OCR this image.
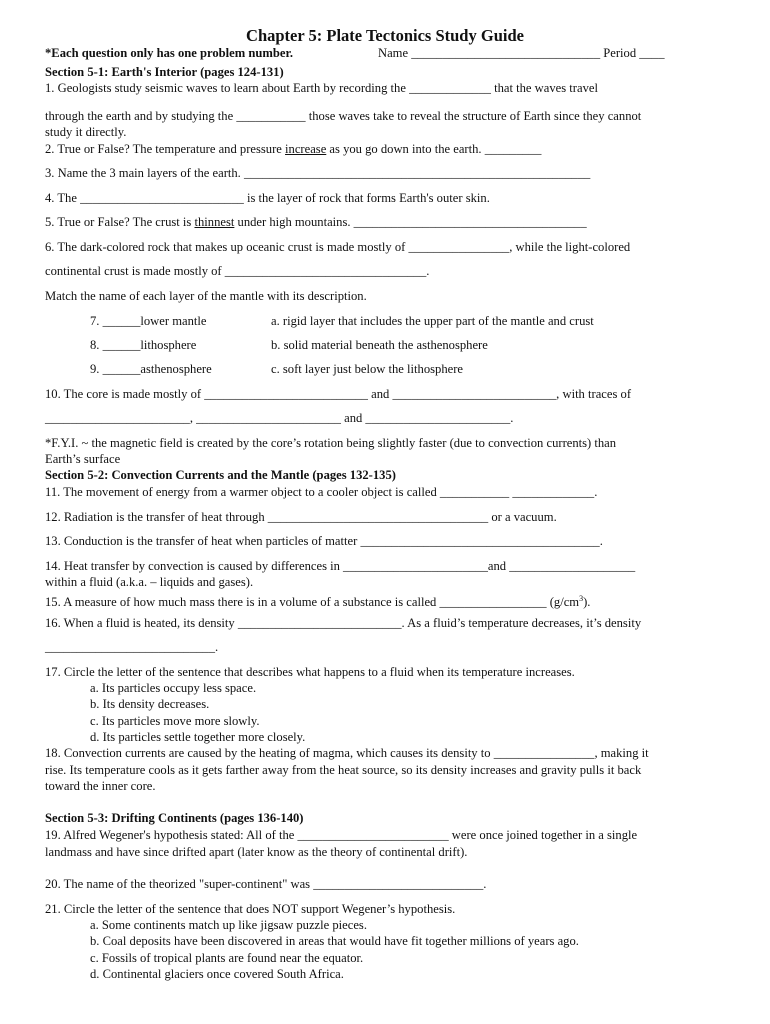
Chapter 5: Plate Tectonics Study Guide
*Each question only has one problem number.	Name ______________________________ Period ____
Section 5-1: Earth's Interior (pages 124-131)
1. Geologists study seismic waves to learn about Earth by recording the _____________ that the waves travel
through the earth and by studying the ___________ those waves take to reveal the structure of Earth since they cannot
study it directly.
2. True or False? The temperature and pressure increase as you go down into the earth. _________
3. Name the 3 main layers of the earth. _______________________________________________________
4. The __________________________ is the layer of rock that forms Earth's outer skin.
5. True or False? The crust is thinnest under high mountains. _____________________________________
6. The dark-colored rock that makes up oceanic crust is made mostly of ________________, while the light-colored
continental crust is made mostly of ________________________________.
Match the name of each layer of the mantle with its description.
7. ______lower mantle	a. rigid layer that includes the upper part of the mantle and crust
8. ______lithosphere	b. solid material beneath the asthenosphere
9. ______asthenosphere	c. soft layer just below the lithosphere
10. The core is made mostly of __________________________ and __________________________, with traces of
_______________________, _______________________ and _______________________.
*F.Y.I. ~ the magnetic field is created by the core’s rotation being slightly faster (due to convection currents) than
Earth’s surface
Section 5-2: Convection Currents and the Mantle (pages 132-135)
11. The movement of energy from a warmer object to a cooler object is called ___________ _____________.
12. Radiation is the transfer of heat through ___________________________________ or a vacuum.
13. Conduction is the transfer of heat when particles of matter ______________________________________.
14. Heat transfer by convection is caused by differences in _______________________and ____________________
within a fluid (a.k.a. – liquids and gases).
15. A measure of how much mass there is in a volume of a substance is called _________________ $(g/cm^3)$.
16. When a fluid is heated, its density __________________________. As a fluid’s temperature decreases, it’s density
___________________________.
17. Circle the letter of the sentence that describes what happens to a fluid when its temperature increases.
a. Its particles occupy less space.
b. Its density decreases.
c. Its particles move more slowly.
d. Its particles settle together more closely.
18. Convection currents are caused by the heating of magma, which causes its density to ________________, making it
rise. Its temperature cools as it gets farther away from the heat source, so its density increases and gravity pulls it back
toward the inner core.
Section 5-3: Drifting Continents (pages 136-140)
19. Alfred Wegener's hypothesis stated: All of the ________________________ were once joined together in a single
landmass and have since drifted apart (later know as the theory of continental drift).
20. The name of the theorized "super-continent" was ___________________________.
21. Circle the letter of the sentence that does NOT support Wegener’s hypothesis.
a. Some continents match up like jigsaw puzzle pieces.
b. Coal deposits have been discovered in areas that would have fit together millions of years ago.
c. Fossils of tropical plants are found near the equator.
d. Continental glaciers once covered South Africa.
